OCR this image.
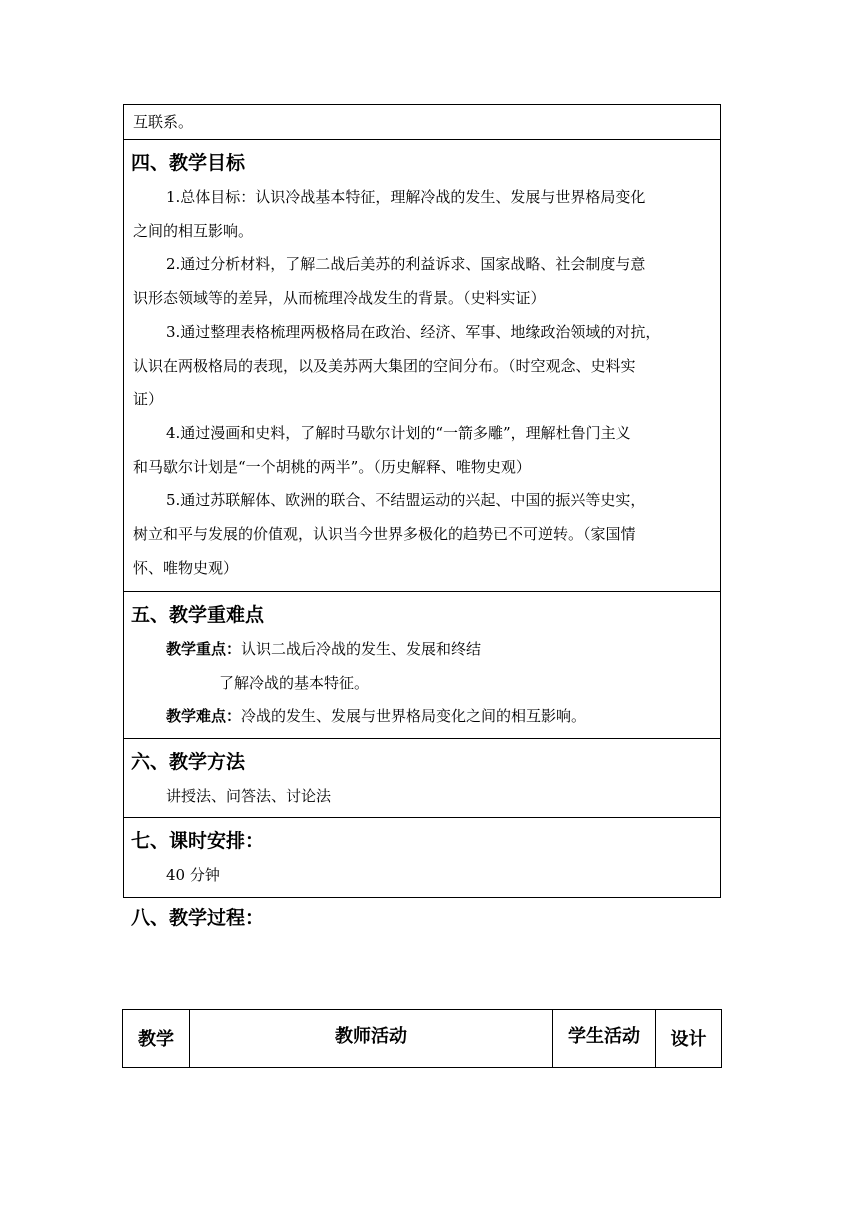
互联系。
四、教学目标
1.总体目标：认识冷战基本特征，理解冷战的发生、发展与世界格局变化
之间的相互影响。
2.通过分析材料，了解二战后美苏的利益诉求、国家战略、社会制度与意
识形态领域等的差异，从而梳理冷战发生的背景。（史料实证）
3.通过整理表格梳理两极格局在政治、经济、军事、地缘政治领域的对抗，
认识在两极格局的表现，以及美苏两大集团的空间分布。（时空观念、史料实
证）
4.通过漫画和史料，了解时马歇尔计划的“一箭多雕”，理解杜鲁门主义
和马歇尔计划是“一个胡桃的两半”。（历史解释、唯物史观）
5.通过苏联解体、欧洲的联合、不结盟运动的兴起、中国的振兴等史实，
树立和平与发展的价值观，认识当今世界多极化的趋势已不可逆转。（家国情
怀、唯物史观）
五、教学重难点
教学重点：认识二战后冷战的发生、发展和终结
了解冷战的基本特征。
教学难点：冷战的发生、发展与世界格局变化之间的相互影响。
六、教学方法
讲授法、问答法、讨论法
七、课时安排：
40 分钟
八、教学过程：
教学	教师活动	学生活动	设计
